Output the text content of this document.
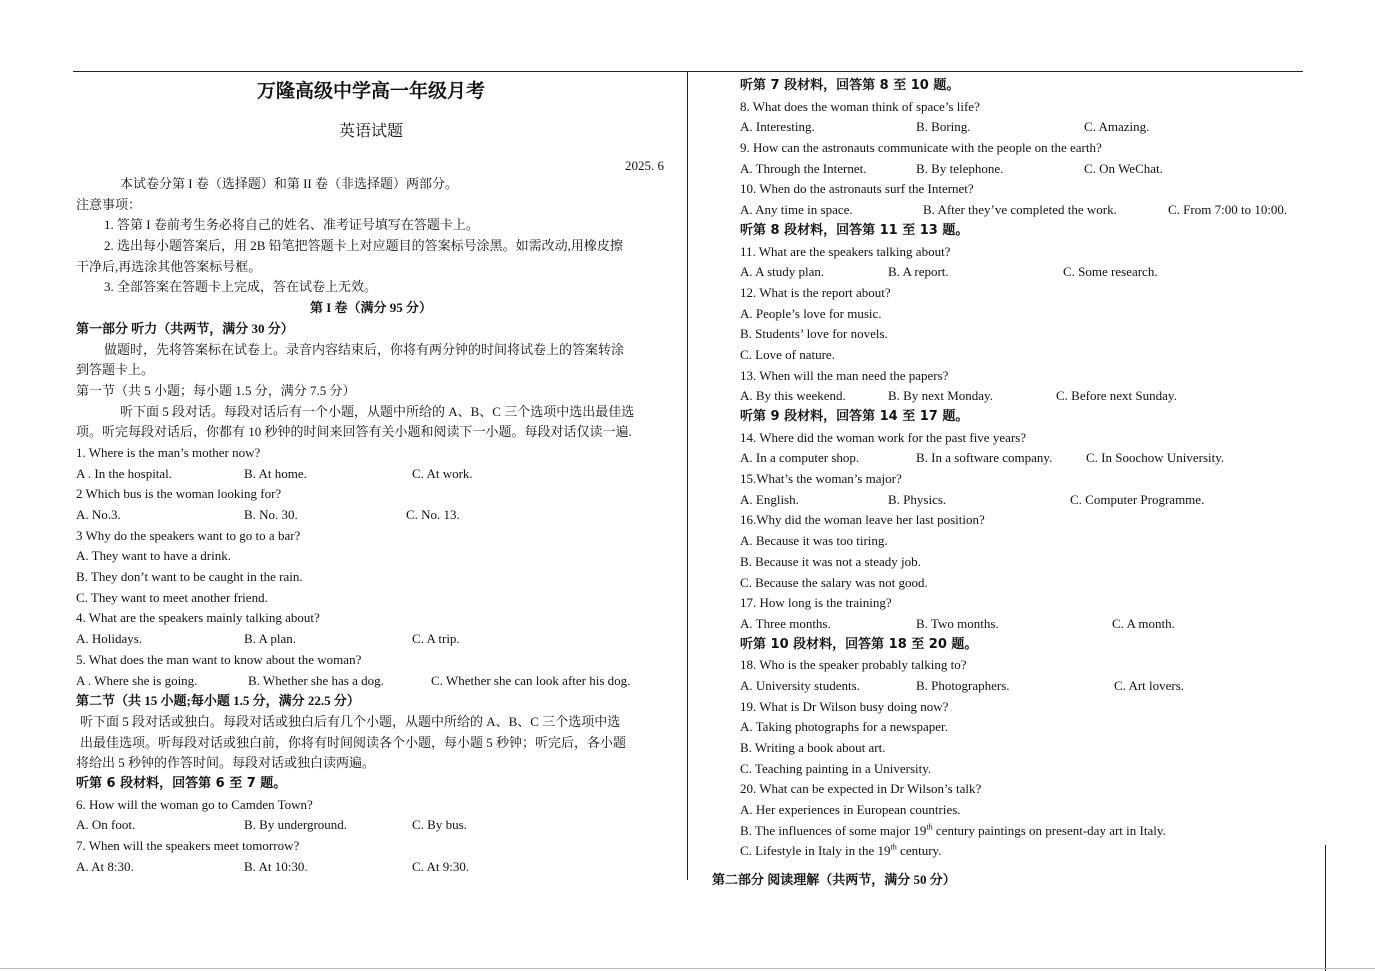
万隆高级中学高一年级月考
英语试题
2025. 6
本试卷分第 I 卷（选择题）和第 II 卷（非选择题）两部分。
注意事项：
1. 答第 I 卷前考生务必将自己的姓名、准考证号填写在答题卡上。
2. 选出每小题答案后，用 2B 铅笔把答题卡上对应题目的答案标号涂黑。如需改动,用橡皮擦
干净后,再选涂其他答案标号框。
3. 全部答案在答题卡上完成，答在试卷上无效。
第 I 卷（满分 95 分）
第一部分 听力（共两节，满分 30 分）
做题时，先将答案标在试卷上。录音内容结束后，你将有两分钟的时间将试卷上的答案转涂
到答题卡上。
第一节（共 5 小题；每小题 1.5 分，满分 7.5 分）
听下面 5 段对话。每段对话后有一个小题，从题中所给的 A、B、C 三个选项中选出最佳选
项。听完每段对话后，你都有 10 秒钟的时间来回答有关小题和阅读下一小题。每段对话仅读一遍.
1. Where is the man’s mother now?
A . In the hospital.	B. At home.	C. At work.
2 Which bus is the woman looking for?
A. No.3.	B. No. 30.	C. No. 13.
3 Why do the speakers want to go to a bar?
A. They want to have a drink.
B. They don’t want to be caught in the rain.
C. They want to meet another friend.
4. What are the speakers mainly talking about?
A. Holidays.	B. A plan.	C. A trip.
5. What does the man want to know about the woman?
A . Where she is going.	B. Whether she has a dog.	C. Whether she can look after his dog.
第二节（共 15 小题;每小题 1.5 分，满分 22.5 分）
听下面 5 段对话或独白。每段对话或独白后有几个小题，从题中所给的 A、B、C 三个选项中选
出最佳选项。听每段对话或独白前，你将有时间阅读各个小题，每小题 5 秒钟；听完后，各小题
将给出 5 秒钟的作答时间。每段对话或独白读两遍。
听第 6 段材料，回答第 6 至 7 题。
6. How will the woman go to Camden Town?
A. On foot.	B. By underground.	C. By bus.
7. When will the speakers meet tomorrow?
A. At 8:30.	B. At 10:30.	C. At 9:30.
听第 7 段材料，回答第 8 至 10 题。
8. What does the woman think of space’s life?
A. Interesting.	B. Boring.	C. Amazing.
9. How can the astronauts communicate with the people on the earth?
A. Through the Internet.	B. By telephone.	C. On WeChat.
10. When do the astronauts surf the Internet?
A. Any time in space.	B. After they’ve completed the work.	C. From 7:00 to 10:00.
听第 8 段材料，回答第 11 至 13 题。
11. What are the speakers talking about?
A. A study plan.	B. A report.	C. Some research.
12. What is the report about?
A. People’s love for music.
B. Students’ love for novels.
C. Love of nature.
13. When will the man need the papers?
A. By this weekend.	B. By next Monday.	C. Before next Sunday.
听第 9 段材料，回答第 14 至 17 题。
14. Where did the woman work for the past five years?
A. In a computer shop.	B. In a software company.	C. In Soochow University.
15.What’s the woman’s major?
A. English.	B. Physics.	C. Computer Programme.
16.Why did the woman leave her last position?
A. Because it was too tiring.
B. Because it was not a steady job.
C. Because the salary was not good.
17. How long is the training?
A. Three months.	B. Two months.	C. A month.
听第 10 段材料，回答第 18 至 20 题。
18. Who is the speaker probably talking to?
A. University students.	B. Photographers.	C. Art lovers.
19. What is Dr Wilson busy doing now?
A. Taking photographs for a newspaper.
B. Writing a book about art.
C. Teaching painting in a University.
20. What can be expected in Dr Wilson’s talk?
A. Her experiences in European countries.
B. The influences of some major 19th century paintings on present-day art in Italy.
C. Lifestyle in Italy in the 19th century.
第二部分 阅读理解（共两节，满分 50 分）
